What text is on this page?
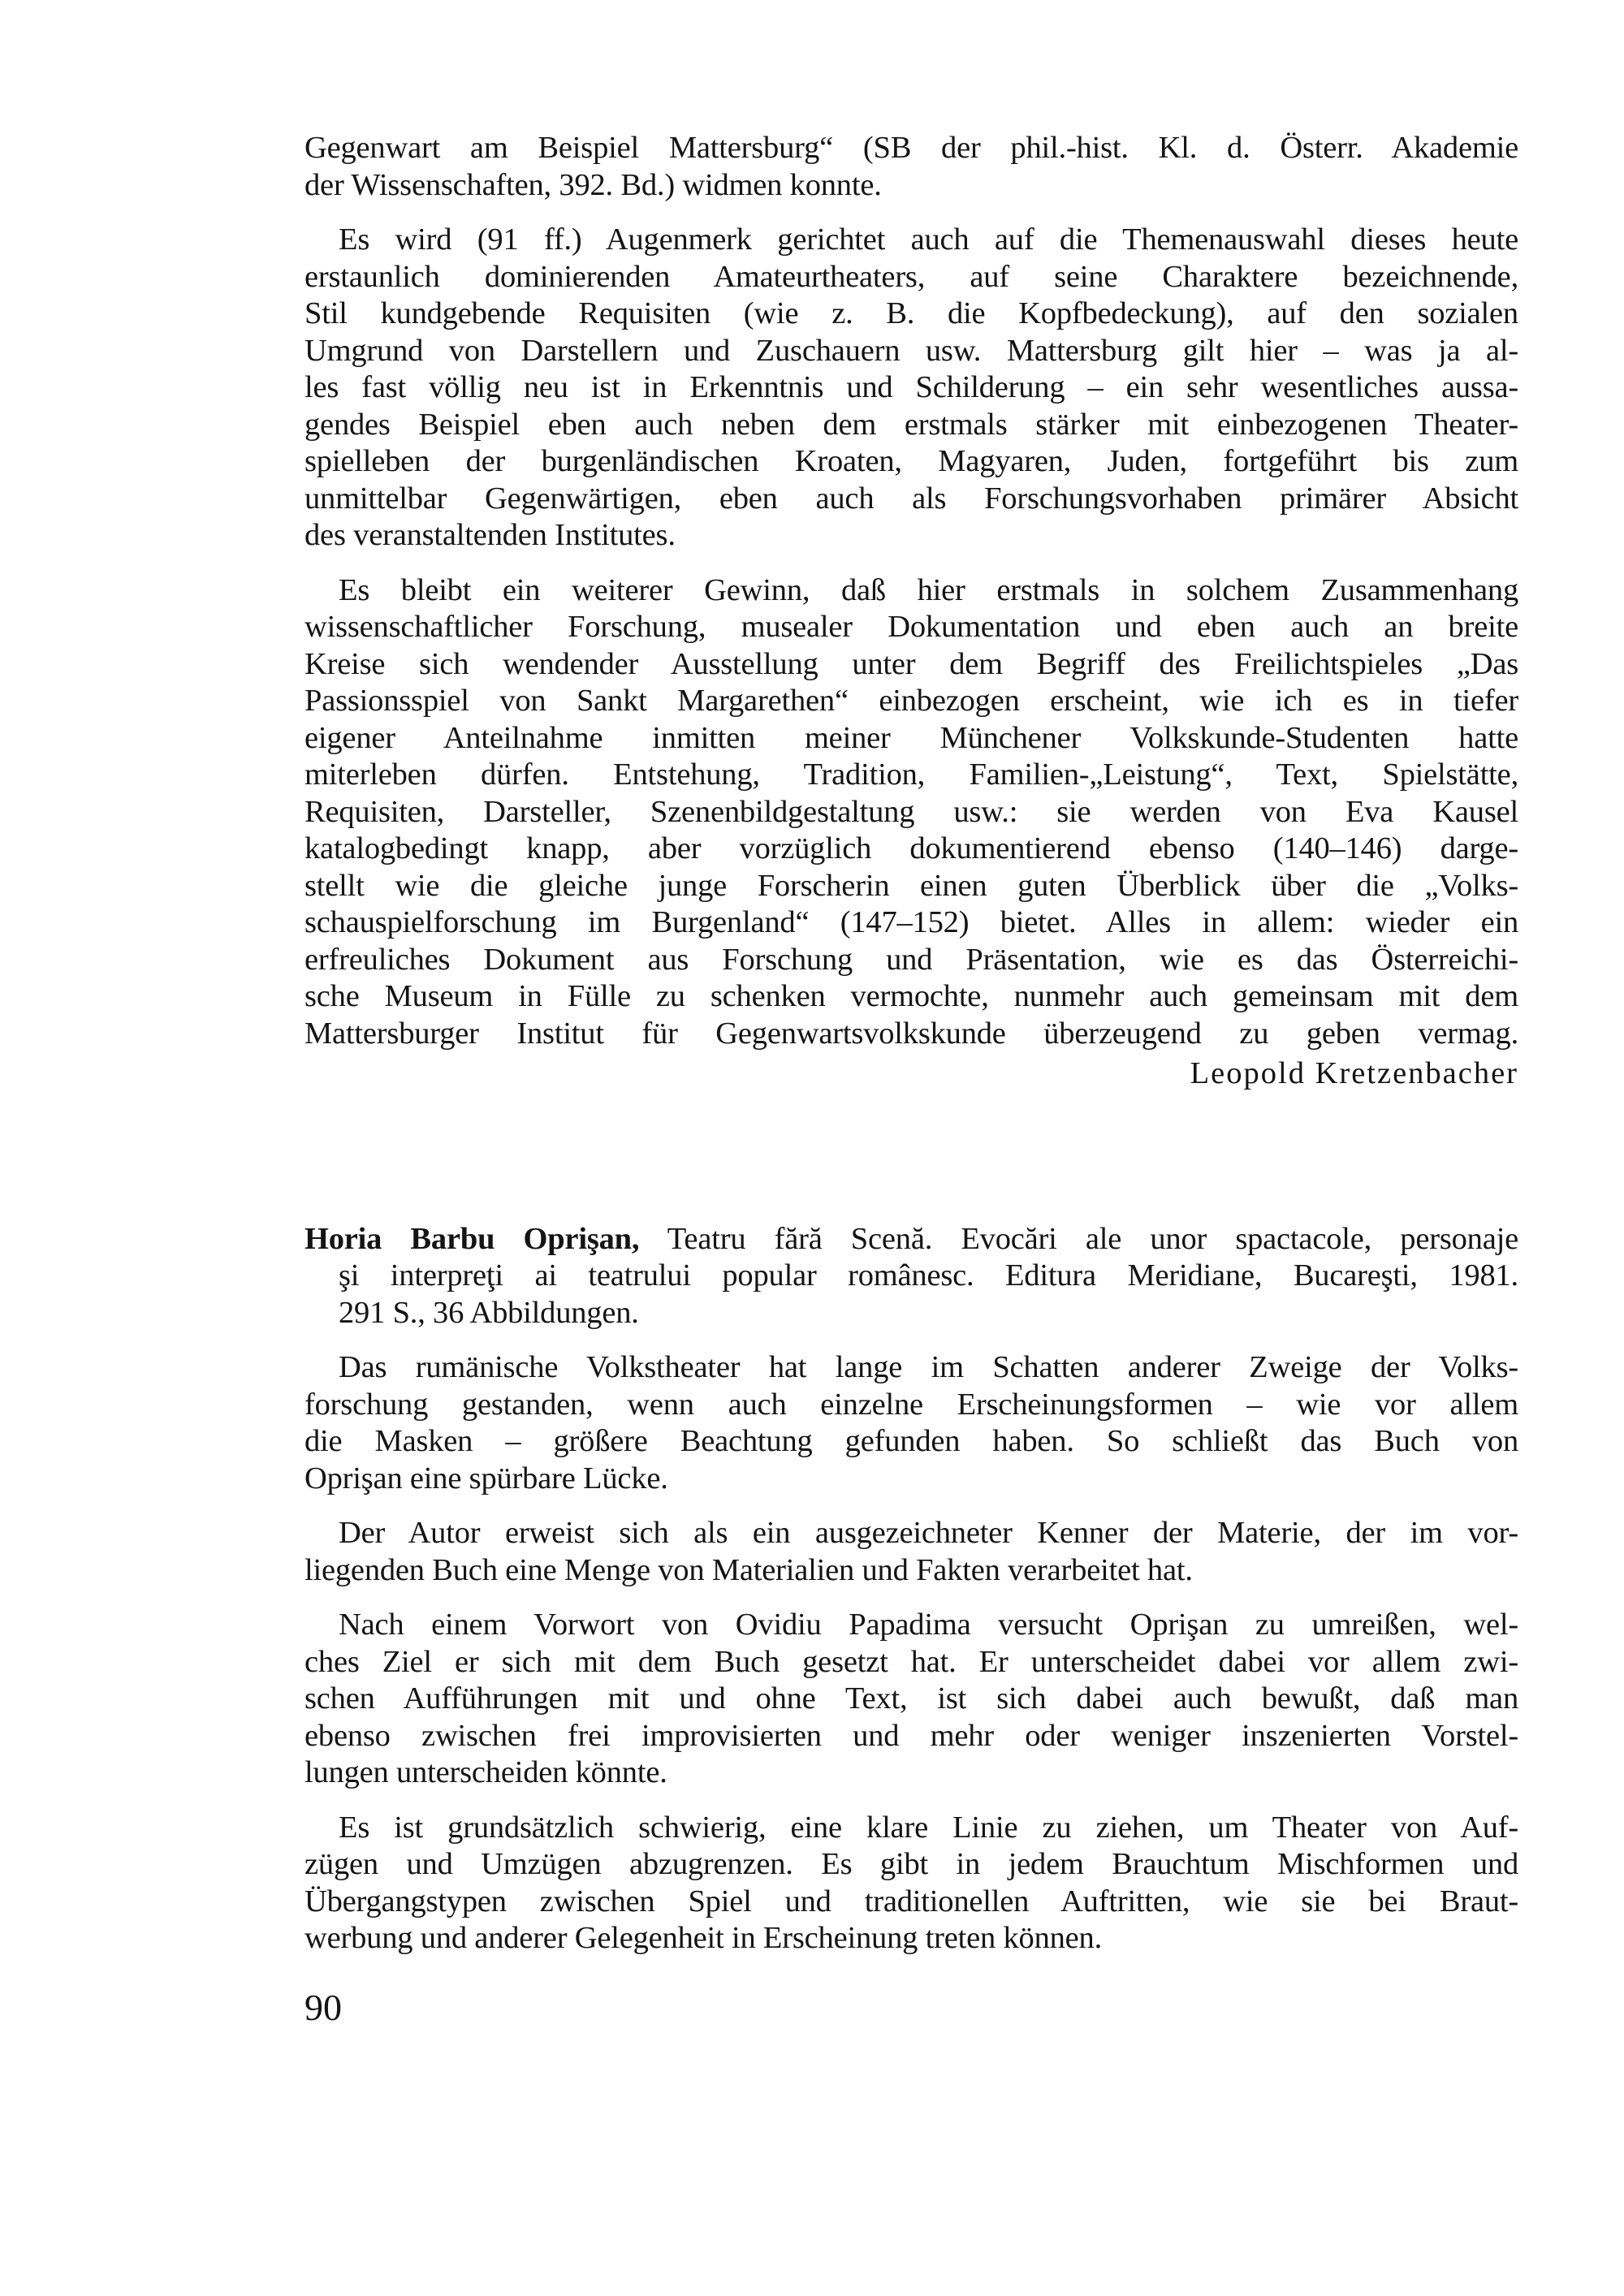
Gegenwart am Beispiel Mattersburg“ (SB der phil.-hist. Kl. d. Österr. Akademie
der Wissenschaften, 392. Bd.) widmen konnte.
Es wird (91 ff.) Augenmerk gerichtet auch auf die Themenauswahl dieses heute
erstaunlich dominierenden Amateurtheaters, auf seine Charaktere bezeichnende,
Stil kundgebende Requisiten (wie z. B. die Kopfbedeckung), auf den sozialen
Umgrund von Darstellern und Zuschauern usw. Mattersburg gilt hier – was ja al-
les fast völlig neu ist in Erkenntnis und Schilderung – ein sehr wesentliches aussa-
gendes Beispiel eben auch neben dem erstmals stärker mit einbezogenen Theater-
spielleben der burgenländischen Kroaten, Magyaren, Juden, fortgeführt bis zum
unmittelbar Gegenwärtigen, eben auch als Forschungsvorhaben primärer Absicht
des veranstaltenden Institutes.
Es bleibt ein weiterer Gewinn, daß hier erstmals in solchem Zusammenhang
wissenschaftlicher Forschung, musealer Dokumentation und eben auch an breite
Kreise sich wendender Ausstellung unter dem Begriff des Freilichtspieles „Das
Passionsspiel von Sankt Margarethen“ einbezogen erscheint, wie ich es in tiefer
eigener Anteilnahme inmitten meiner Münchener Volkskunde-Studenten hatte
miterleben dürfen. Entstehung, Tradition, Familien-„Leistung“, Text, Spielstätte,
Requisiten, Darsteller, Szenenbildgestaltung usw.: sie werden von Eva Kausel
katalogbedingt knapp, aber vorzüglich dokumentierend ebenso (140–146) darge-
stellt wie die gleiche junge Forscherin einen guten Überblick über die „Volks-
schauspielforschung im Burgenland“ (147–152) bietet. Alles in allem: wieder ein
erfreuliches Dokument aus Forschung und Präsentation, wie es das Österreichi-
sche Museum in Fülle zu schenken vermochte, nunmehr auch gemeinsam mit dem
Mattersburger Institut für Gegenwartsvolkskunde überzeugend zu geben vermag.
Leopold Kretzenbacher
Horia Barbu Oprişan, Teatru fără Scenă. Evocări ale unor spactacole, personaje
şi interpreţi ai teatrului popular românesc. Editura Meridiane, Bucareşti, 1981.
291 S., 36 Abbildungen.
Das rumänische Volkstheater hat lange im Schatten anderer Zweige der Volks-
forschung gestanden, wenn auch einzelne Erscheinungsformen – wie vor allem
die Masken – größere Beachtung gefunden haben. So schließt das Buch von
Oprişan eine spürbare Lücke.
Der Autor erweist sich als ein ausgezeichneter Kenner der Materie, der im vor-
liegenden Buch eine Menge von Materialien und Fakten verarbeitet hat.
Nach einem Vorwort von Ovidiu Papadima versucht Oprişan zu umreißen, wel-
ches Ziel er sich mit dem Buch gesetzt hat. Er unterscheidet dabei vor allem zwi-
schen Aufführungen mit und ohne Text, ist sich dabei auch bewußt, daß man
ebenso zwischen frei improvisierten und mehr oder weniger inszenierten Vorstel-
lungen unterscheiden könnte.
Es ist grundsätzlich schwierig, eine klare Linie zu ziehen, um Theater von Auf-
zügen und Umzügen abzugrenzen. Es gibt in jedem Brauchtum Mischformen und
Übergangstypen zwischen Spiel und traditionellen Auftritten, wie sie bei Braut-
werbung und anderer Gelegenheit in Erscheinung treten können.
90
